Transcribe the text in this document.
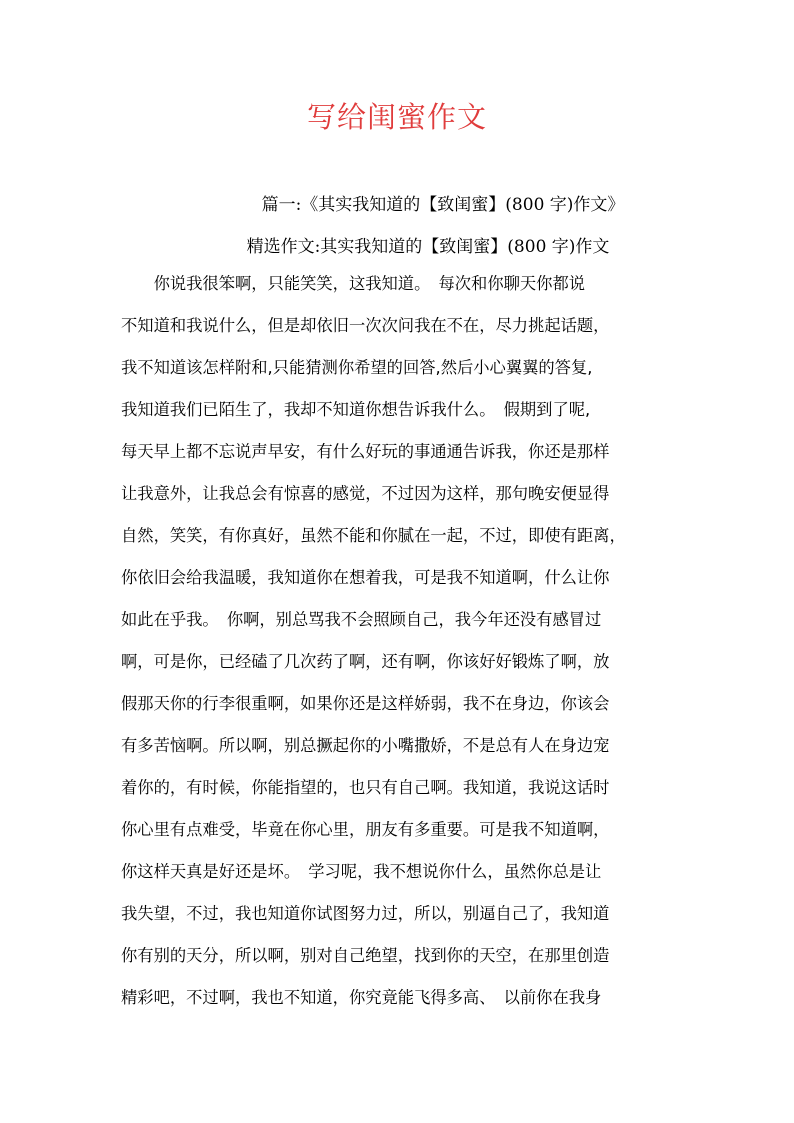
写给闺蜜作文

篇一:《其实我知道的【致闺蜜】(800 字)作文》

精选作文:其实我知道的【致闺蜜】(800 字)作文

　　你说我很笨啊，只能笑笑，这我知道。　每次和你聊天你都说

不知道和我说什么，但是却依旧一次次问我在不在，尽力挑起话题，

我不知道该怎样附和,只能猜测你希望的回答,然后小心翼翼的答复,

我知道我们已陌生了，我却不知道你想告诉我什么。　假期到了呢,

每天早上都不忘说声早安，有什么好玩的事通通告诉我，你还是那样

让我意外，让我总会有惊喜的感觉，不过因为这样，那句晚安便显得

自然，笑笑，有你真好，虽然不能和你腻在一起，不过，即使有距离，

你依旧会给我温暖，我知道你在想着我，可是我不知道啊，什么让你

如此在乎我。　你啊，别总骂我不会照顾自己，我今年还没有感冒过

啊，可是你，已经磕了几次药了啊，还有啊，你该好好锻炼了啊，放

假那天你的行李很重啊，如果你还是这样娇弱，我不在身边，你该会

有多苦恼啊。所以啊，别总撅起你的小嘴撒娇，不是总有人在身边宠

着你的，有时候，你能指望的，也只有自己啊。我知道，我说这话时

你心里有点难受，毕竟在你心里，朋友有多重要。可是我不知道啊，

你这样天真是好还是坏。　学习呢，我不想说你什么，虽然你总是让

我失望，不过，我也知道你试图努力过，所以，别逼自己了，我知道

你有别的天分，所以啊，别对自己绝望，找到你的天空，在那里创造

精彩吧，不过啊，我也不知道，你究竟能飞得多高、　以前你在我身
